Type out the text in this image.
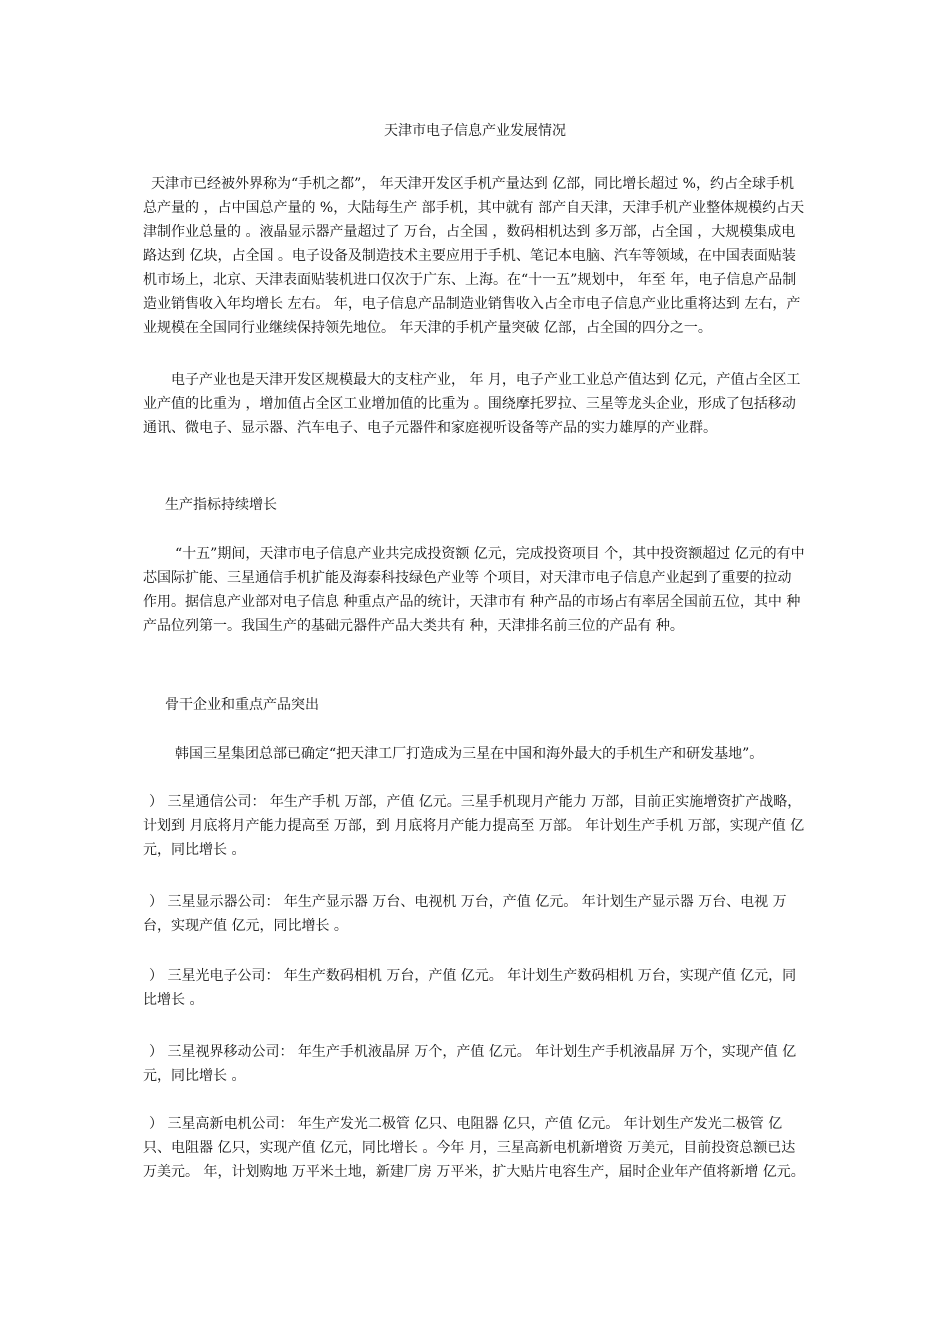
天津市电子信息产业发展情况

天津市已经被外界称为“手机之都”， 年天津开发区手机产量达到 亿部，同比增长超过 %，约占全球手机总产量的 ，占中国总产量的 %，大陆每生产 部手机，其中就有 部产自天津，天津手机产业整体规模约占天津制作业总量的 。液晶显示器产量超过了 万台，占全国 ，数码相机达到 多万部，占全国 ，大规模集成电路达到 亿块，占全国 。电子设备及制造技术主要应用于手机、笔记本电脑、汽车等领域，在中国表面贴装机市场上，北京、天津表面贴装机进口仅次于广东、上海。在“十一五”规划中， 年至 年，电子信息产品制造业销售收入年均增长 左右。 年，电子信息产品制造业销售收入占全市电子信息产业比重将达到 左右，产业规模在全国同行业继续保持领先地位。 年天津的手机产量突破 亿部，占全国的四分之一。

电子产业也是天津开发区规模最大的支柱产业， 年 月，电子产业工业总产值达到 亿元，产值占全区工业产值的比重为 ，增加值占全区工业增加值的比重为 。围绕摩托罗拉、三星等龙头企业，形成了包括移动通讯、微电子、显示器、汽车电子、电子元器件和家庭视听设备等产品的实力雄厚的产业群。

生产指标持续增长

“十五”期间，天津市电子信息产业共完成投资额 亿元，完成投资项目 个，其中投资额超过 亿元的有中芯国际扩能、三星通信手机扩能及海泰科技绿色产业等 个项目，对天津市电子信息产业起到了重要的拉动作用。据信息产业部对电子信息 种重点产品的统计，天津市有 种产品的市场占有率居全国前五位，其中 种产品位列第一。我国生产的基础元器件产品大类共有 种，天津排名前三位的产品有 种。

骨干企业和重点产品突出

韩国三星集团总部已确定“把天津工厂打造成为三星在中国和海外最大的手机生产和研发基地”。

） 三星通信公司： 年生产手机 万部，产值 亿元。三星手机现月产能力 万部，目前正实施增资扩产战略，计划到 月底将月产能力提高至 万部，到 月底将月产能力提高至 万部。 年计划生产手机 万部，实现产值 亿元，同比增长 。

） 三星显示器公司： 年生产显示器 万台、电视机 万台，产值 亿元。 年计划生产显示器 万台、电视 万台，实现产值 亿元，同比增长 。

） 三星光电子公司： 年生产数码相机 万台，产值 亿元。 年计划生产数码相机 万台，实现产值 亿元，同比增长 。

） 三星视界移动公司： 年生产手机液晶屏 万个，产值 亿元。 年计划生产手机液晶屏 万个，实现产值 亿元，同比增长 。

） 三星高新电机公司： 年生产发光二极管 亿只、电阻器 亿只，产值 亿元。 年计划生产发光二极管 亿只、电阻器 亿只，实现产值 亿元，同比增长 。今年 月，三星高新电机新增资 万美元，目前投资总额已达 万美元。 年，计划购地 万平米土地，新建厂房 万平米，扩大贴片电容生产，届时企业年产值将新增 亿元。
